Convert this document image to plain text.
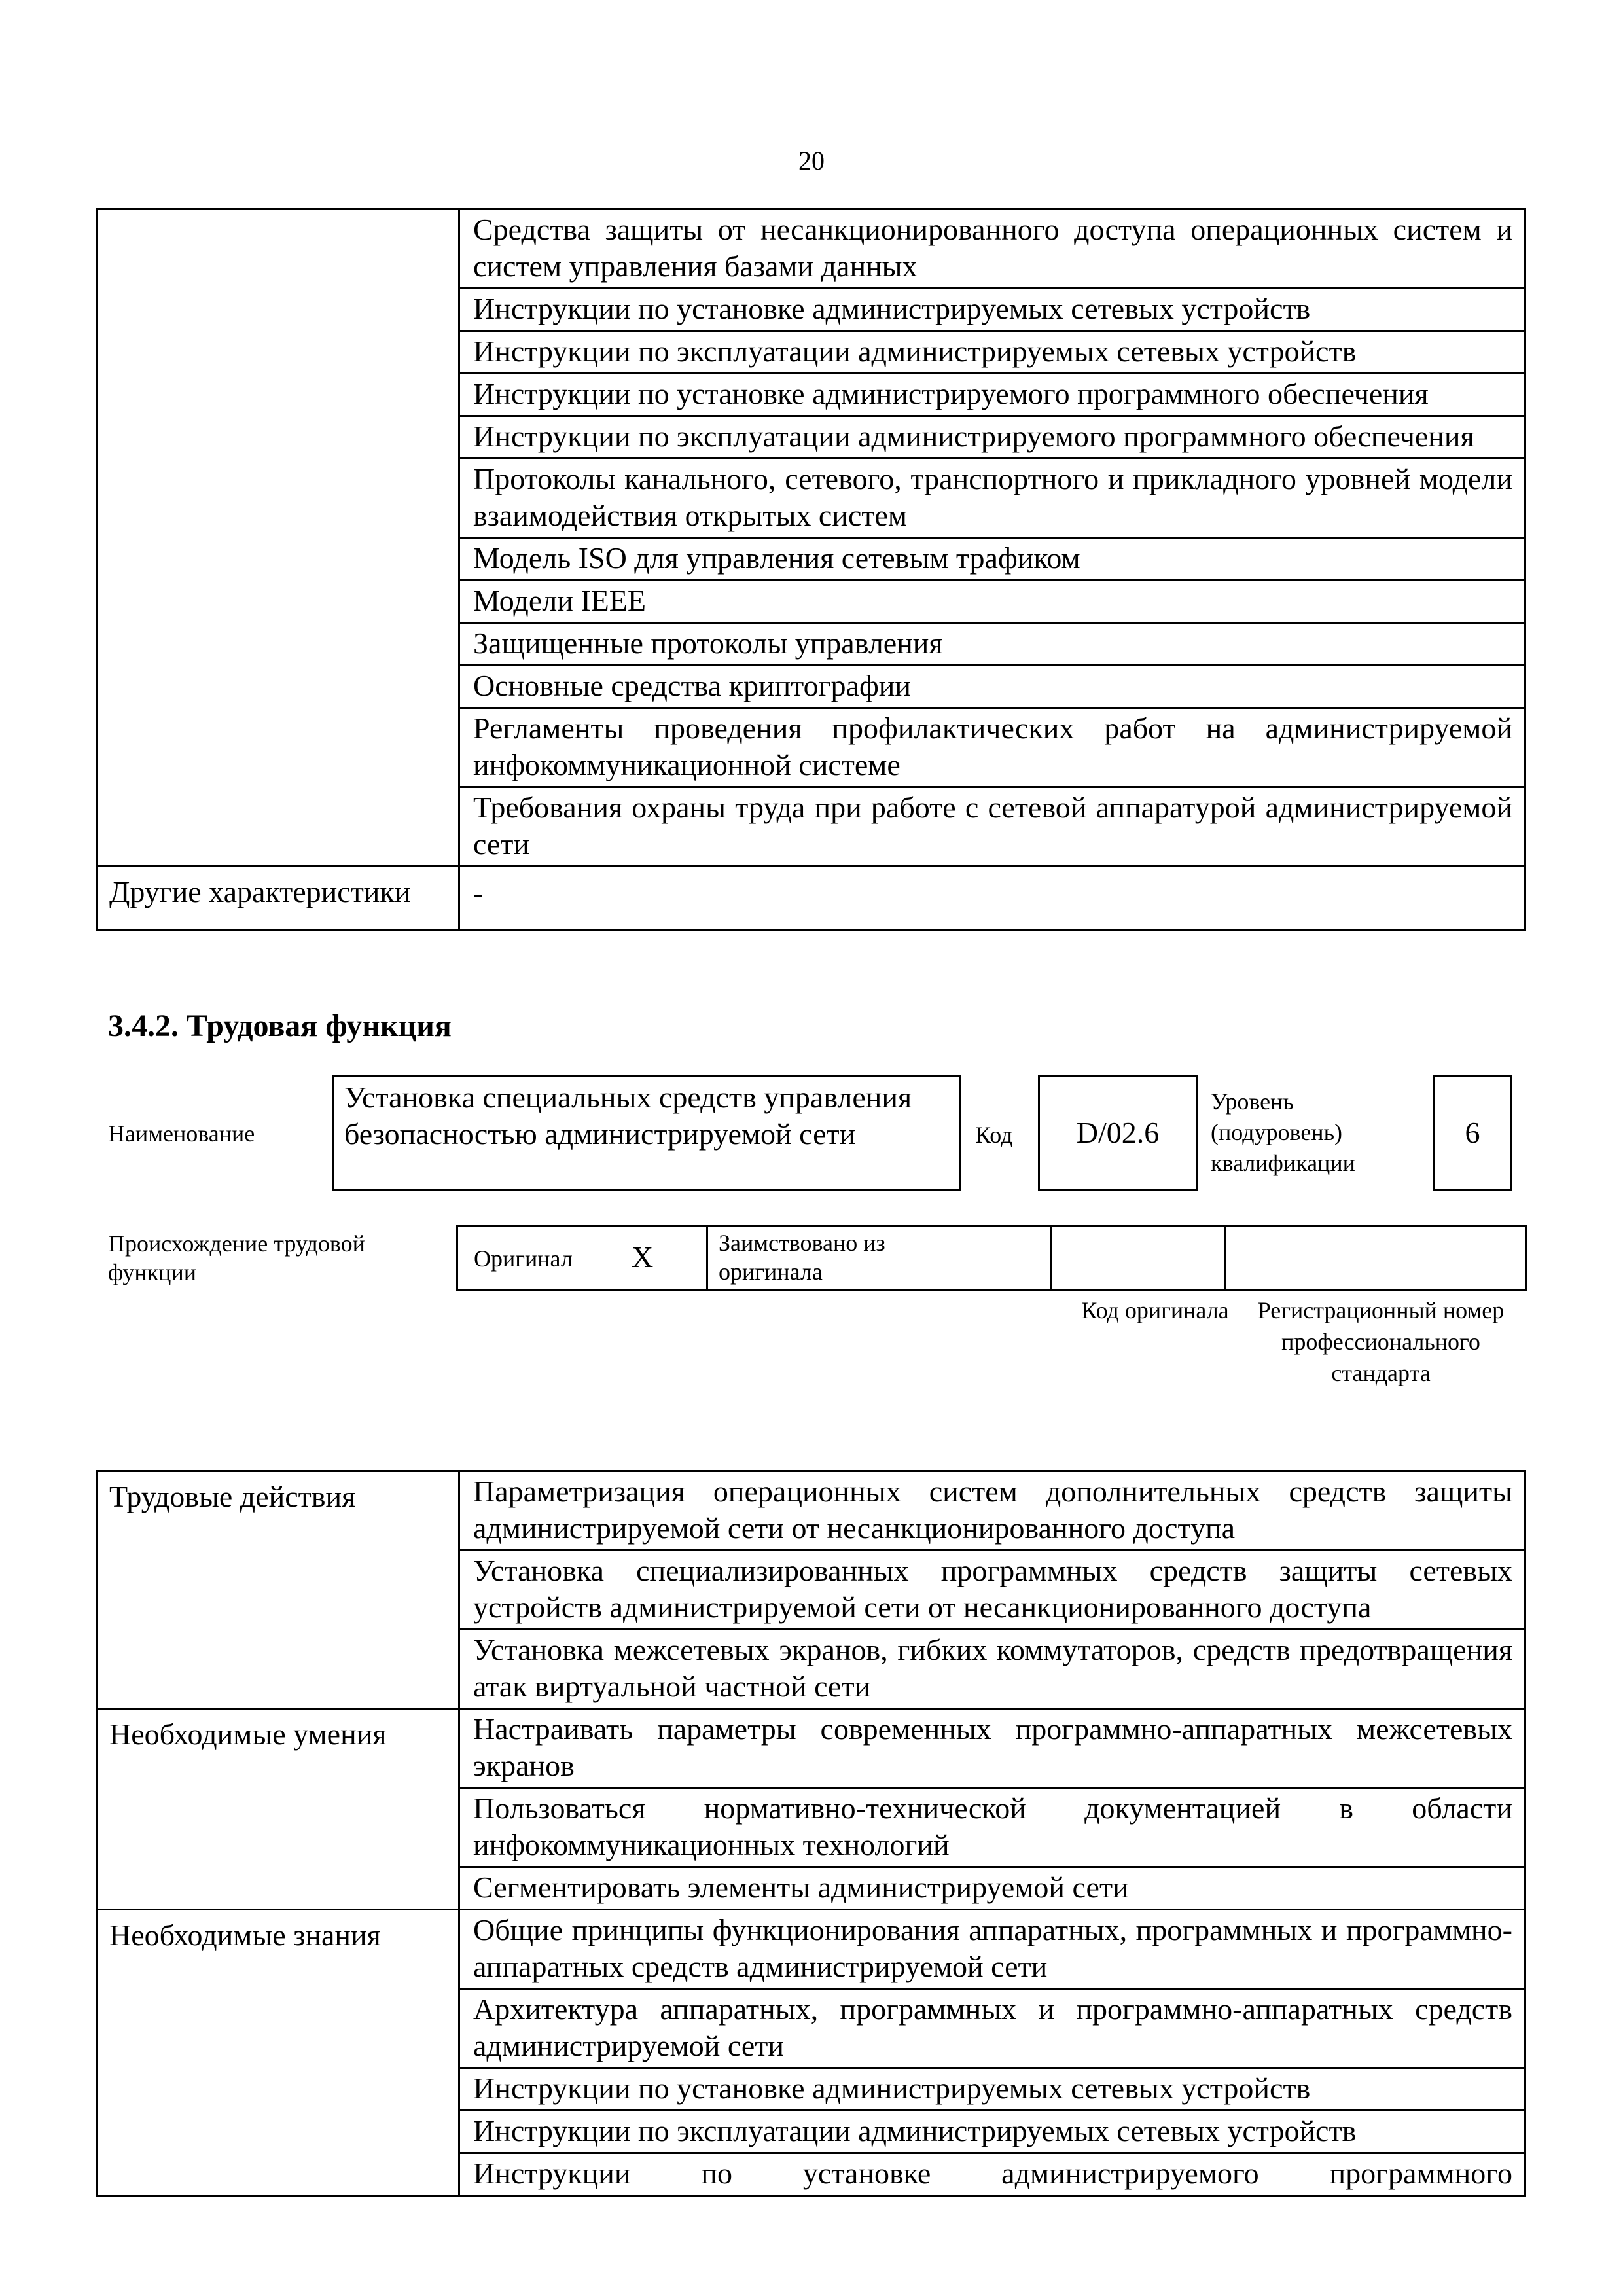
20
	Средства защиты от несанкционированного доступа операционных систем и систем управления базами данных
	Инструкции по установке администрируемых сетевых устройств
	Инструкции по эксплуатации администрируемых сетевых устройств
	Инструкции по установке администрируемого программного обеспечения
	Инструкции по эксплуатации администрируемого программного обеспечения
	Протоколы канального, сетевого, транспортного и прикладного уровней модели взаимодействия открытых систем
	Модель ISO для управления сетевым трафиком
	Модели IEEE
	Защищенные протоколы управления
	Основные средства криптографии
	Регламенты проведения профилактических работ на администрируемой инфокоммуникационной системе
	Требования охраны труда при работе с сетевой аппаратурой администрируемой сети
Другие характеристики	-
3.4.2. Трудовая функция
Наименование
Установка специальных средств управления безопасностью администрируемой сети	Код	D/02.6
Уровень (подуровень) квалификации
6
Происхождение трудовой функции
Оригинал X	Заимствовано из оригинала
Код оригинала	Регистрационный номер профессионального стандарта
Трудовые действия	Параметризация операционных систем дополнительных средств защиты администрируемой сети от несанкционированного доступа
	Установка специализированных программных средств защиты сетевых устройств администрируемой сети от несанкционированного доступа
	Установка межсетевых экранов, гибких коммутаторов, средств предотвращения атак виртуальной частной сети
Необходимые умения	Настраивать параметры современных программно-аппаратных межсетевых экранов
	Пользоваться нормативно-технической документацией в области инфокоммуникационных технологий
	Сегментировать элементы администрируемой сети
Необходимые знания	Общие принципы функционирования аппаратных, программных и программно-аппаратных средств администрируемой сети
	Архитектура аппаратных, программных и программно-аппаратных средств администрируемой сети
	Инструкции по установке администрируемых сетевых устройств
	Инструкции по эксплуатации администрируемых сетевых устройств
	Инструкции по установке администрируемого программного
